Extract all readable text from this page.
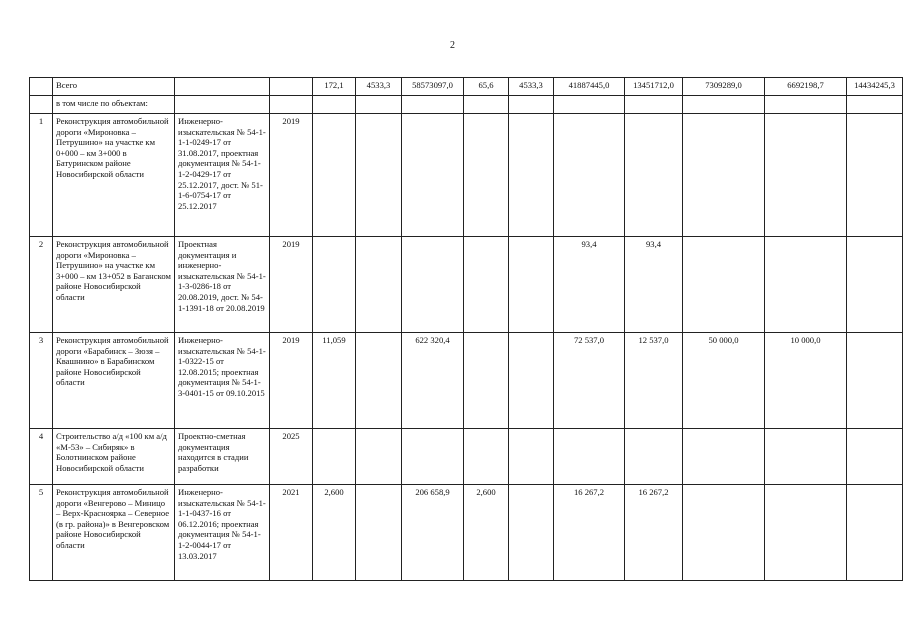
2
	Всего			172,1	4533,3	58573097,0	65,6	4533,3	41887445,0	13451712,0	7309289,0	6692198,7	14434245,3
	в том числе по объектам:												
1	Реконструкция автомобильной дороги «Мироновка – Петрушино» на участке км 0+000 – км 3+000 в Батуринском районе Новосибирской области	Инженерно-изыскательская № 54-1-1-1-0249-17 от 31.08.2017, проектная документация № 54-1-1-2-0429-17 от 25.12.2017, дост. № 51-1-6-0754-17 от 25.12.2017	2019										
2	Реконструкция автомобильной дороги «Мироновка – Петрушино» на участке км 3+000 – км 13+052 в Баганском районе Новосибирской области	Проектная документация и инженерно-изыскательская № 54-1-1-3-0286-18 от 20.08.2019, дост. № 54-1-1391-18 от 20.08.2019	2019						93,4	93,4			
3	Реконструкция автомобильной дороги «Барабинск – Зюзя – Квашнино» в Барабинском районе Новосибирской области	Инженерно-изыскательская № 54-1-1-0322-15 от 12.08.2015; проектная документация № 54-1-3-0401-15 от 09.10.2015	2019	11,059		622 320,4			72 537,0	12 537,0	50 000,0	10 000,0	
4	Строительство а/д «100 км а/д «М-53» – Сибиряк» в Болотнинском районе Новосибирской области	Проектно-сметная документация находится в стадии разработки	2025										
5	Реконструкция автомобильной дороги «Венгерово – Миницо – Верх-Красноярка – Северное (в гр. района)» в Венгеровском районе Новосибирской области	Инженерно-изыскательская № 54-1-1-1-0437-16 от 06.12.2016; проектная документация № 54-1-1-2-0044-17 от 13.03.2017	2021	2,600		206 658,9	2,600		16 267,2	16 267,2			
